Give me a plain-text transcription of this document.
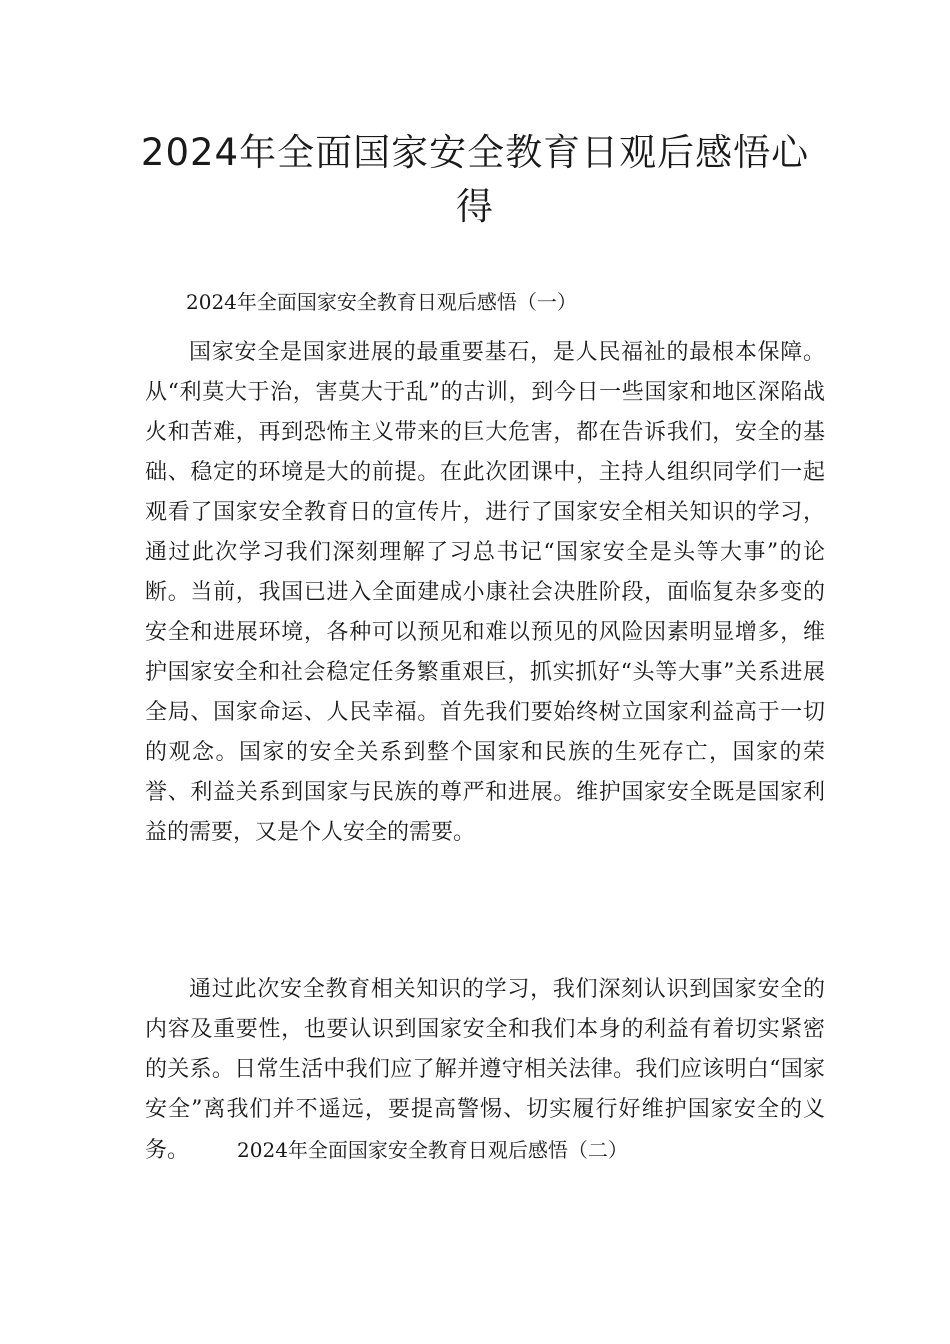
2024年全面国家安全教育日观后感悟心得

2024年全面国家安全教育日观后感悟（一）

国家安全是国家进展的最重要基石，是人民福祉的最根本保障。从“利莫大于治，害莫大于乱”的古训，到今日一些国家和地区深陷战火和苦难，再到恐怖主义带来的巨大危害，都在告诉我们，安全的基础、稳定的环境是大的前提。在此次团课中，主持人组织同学们一起观看了国家安全教育日的宣传片，进行了国家安全相关知识的学习，通过此次学习我们深刻理解了习总书记“国家安全是头等大事”的论断。当前，我国已进入全面建成小康社会决胜阶段，面临复杂多变的安全和进展环境，各种可以预见和难以预见的风险因素明显增多，维护国家安全和社会稳定任务繁重艰巨，抓实抓好“头等大事”关系进展全局、国家命运、人民幸福。首先我们要始终树立国家利益高于一切的观念。国家的安全关系到整个国家和民族的生死存亡，国家的荣誉、利益关系到国家与民族的尊严和进展。维护国家安全既是国家利益的需要，又是个人安全的需要。

通过此次安全教育相关知识的学习，我们深刻认识到国家安全的内容及重要性，也要认识到国家安全和我们本身的利益有着切实紧密的关系。日常生活中我们应了解并遵守相关法律。我们应该明白“国家安全”离我们并不遥远，要提高警惕、切实履行好维护国家安全的义务。 2024年全面国家安全教育日观后感悟（二）
